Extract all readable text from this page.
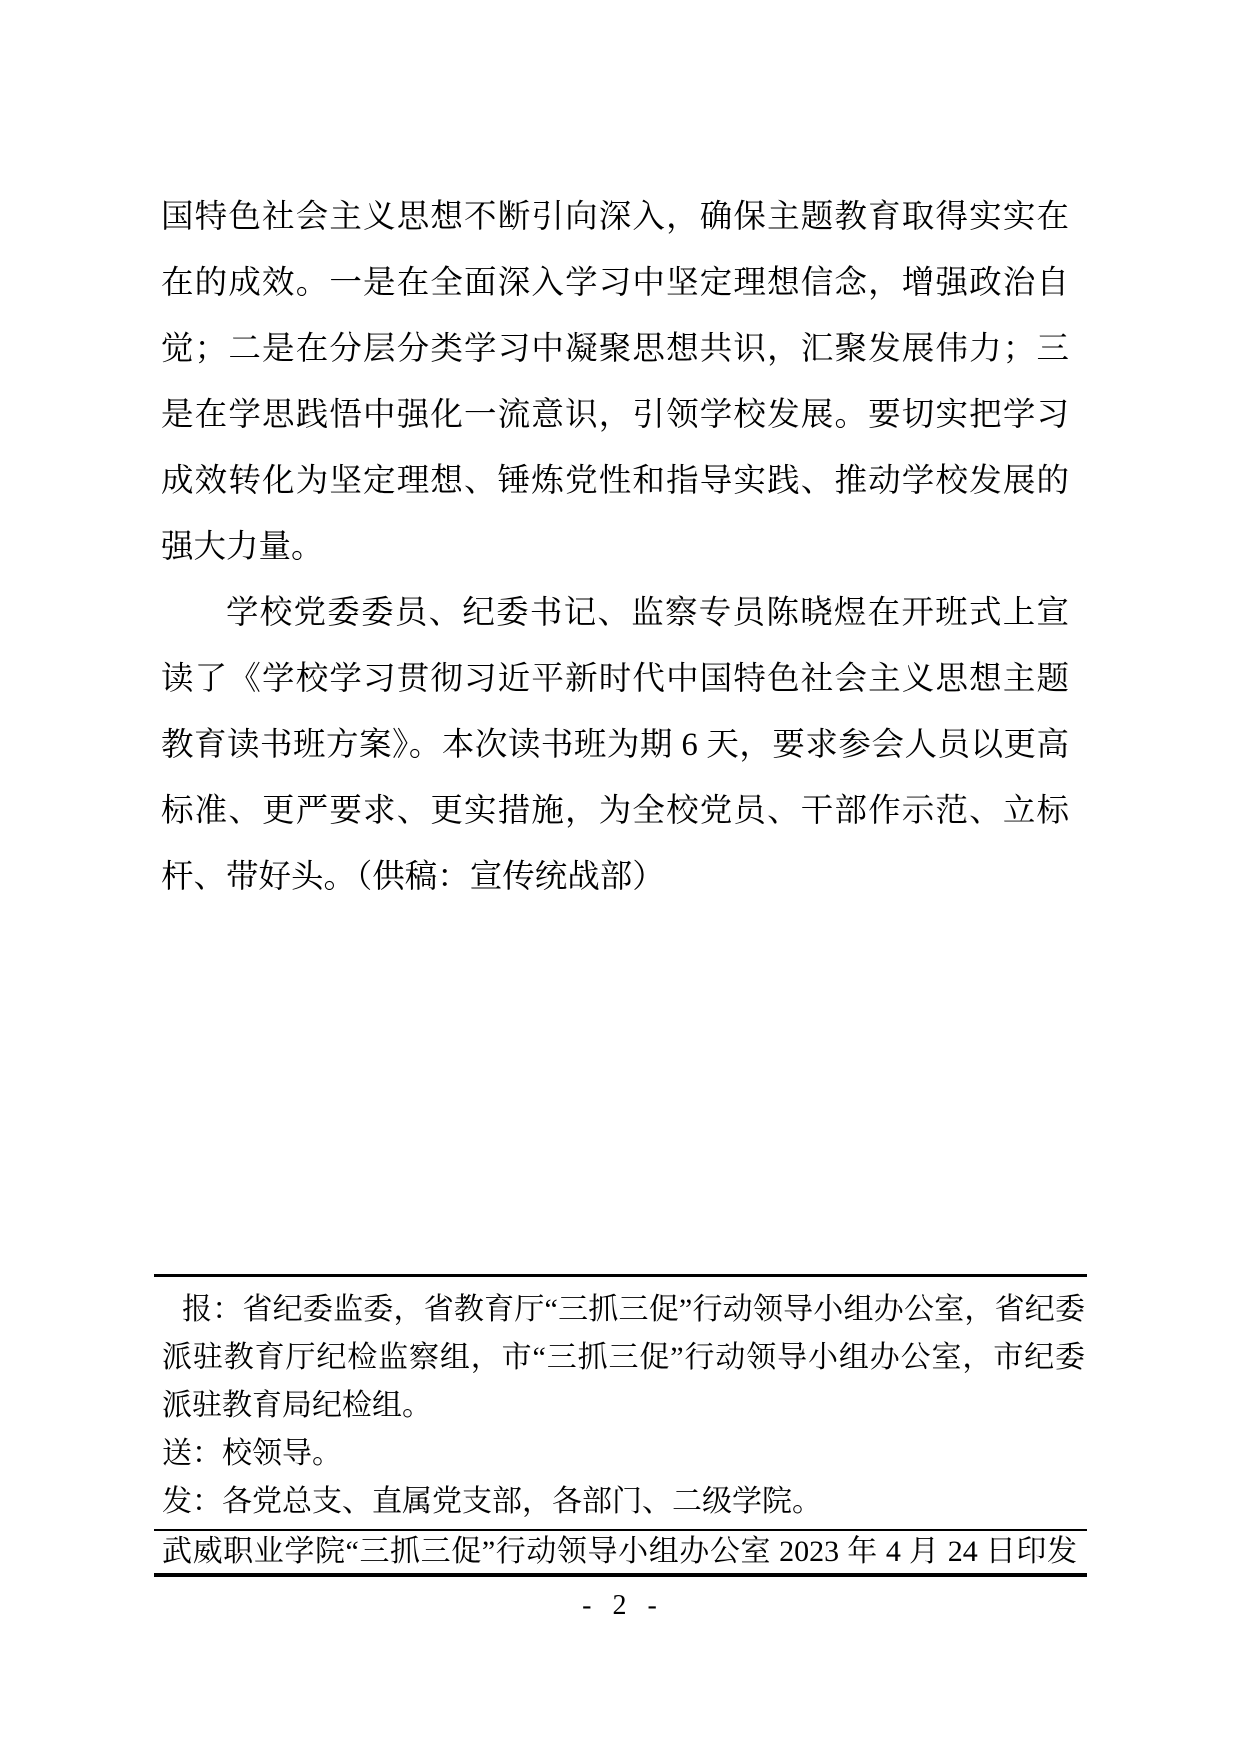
国特色社会主义思想不断引向深入，确保主题教育取得实实在在的成效。一是在全面深入学习中坚定理想信念，增强政治自觉；二是在分层分类学习中凝聚思想共识，汇聚发展伟力；三是在学思践悟中强化一流意识，引领学校发展。要切实把学习成效转化为坚定理想、锤炼党性和指导实践、推动学校发展的强大力量。

学校党委委员、纪委书记、监察专员陈晓煜在开班式上宣读了《学校学习贯彻习近平新时代中国特色社会主义思想主题教育读书班方案》。本次读书班为期 6 天，要求参会人员以更高标准、更严要求、更实措施，为全校党员、干部作示范、立标杆、带好头。（供稿：宣传统战部）

报：省纪委监委，省教育厅“三抓三促”行动领导小组办公室，省纪委派驻教育厅纪检监察组，市“三抓三促”行动领导小组办公室，市纪委派驻教育局纪检组。

送：校领导。

发：各党总支、直属党支部，各部门、二级学院。

武威职业学院“三抓三促”行动领导小组办公室 2023 年 4 月 24 日印发

- 2 -
